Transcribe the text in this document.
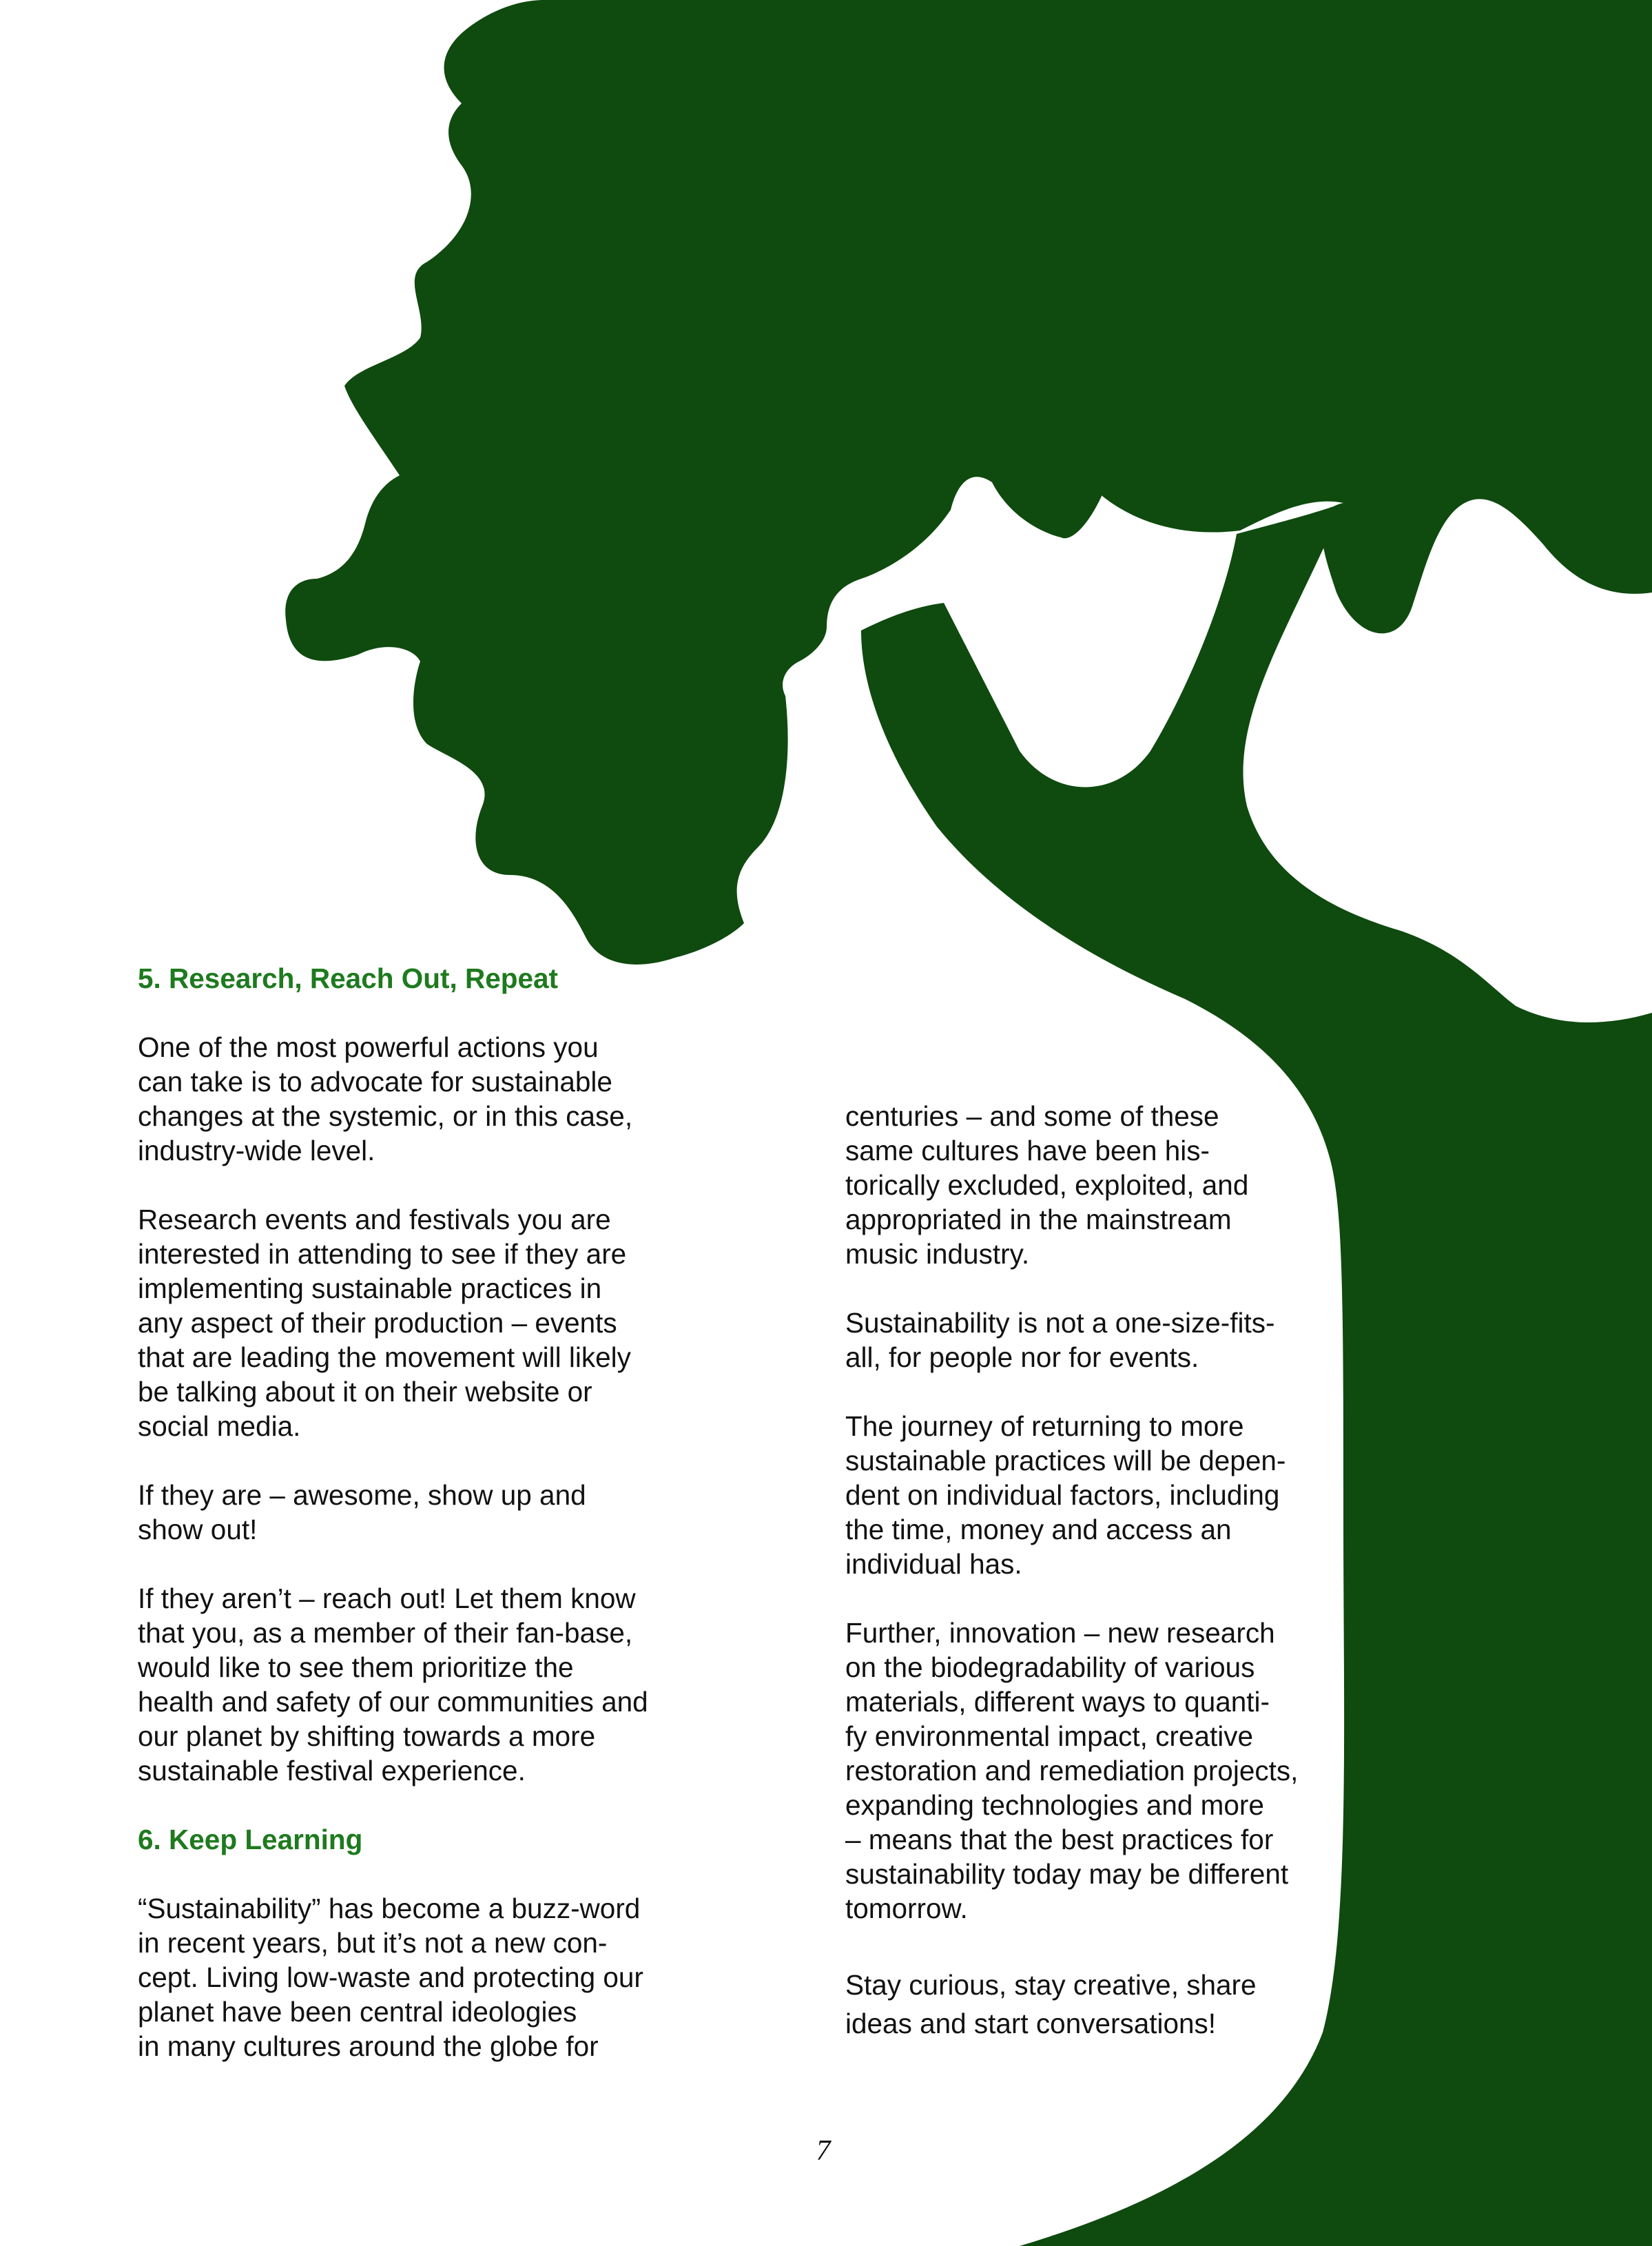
5. Research, Reach Out, Repeat
One of the most powerful actions you
can take is to advocate for sustainable
changes at the systemic, or in this case,
industry-wide level.
Research events and festivals you are
interested in attending to see if they are
implementing sustainable practices in
any aspect of their production – events
that are leading the movement will likely
be talking about it on their website or
social media.
If they are – awesome, show up and
show out!
If they aren’t – reach out! Let them know
that you, as a member of their fan-base,
would like to see them prioritize the
health and safety of our communities and
our planet by shifting towards a more
sustainable festival experience.
6. Keep Learning
“Sustainability” has become a buzz-word
in recent years, but it’s not a new con-
cept. Living low-waste and protecting our
planet have been central ideologies
in many cultures around the globe for
centuries – and some of these
same cultures have been his-
torically excluded, exploited, and
appropriated in the mainstream
music industry.
Sustainability is not a one-size-fits-
all, for people nor for events.
The journey of returning to more
sustainable practices will be depen-
dent on individual factors, including
the time, money and access an
individual has.
Further, innovation – new research
on the biodegradability of various
materials, different ways to quanti-
fy environmental impact, creative
restoration and remediation projects,
expanding technologies and more
– means that the best practices for
sustainability today may be different
tomorrow.
Stay curious, stay creative, share
ideas and start conversations!
7
